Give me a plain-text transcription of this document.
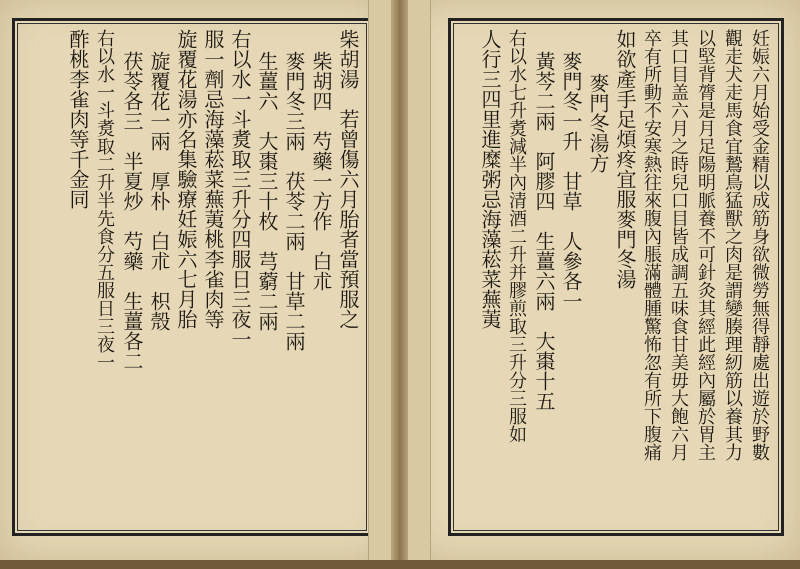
柴胡湯　若曾傷六月胎者當預服之
柴胡四　芍藥一方作　白朮
麥門冬三兩　茯苓二兩　甘草二兩
生薑六　大棗三十枚　芎藭二兩
右以水一斗煑取三升分四服日三夜一
服一劑忌海藻菘菜蕪荑桃李雀肉等
旋覆花湯亦名集驗療妊娠六七月胎
旋覆花一兩　厚朴　白朮　枳殼
茯苓各三　半夏炒　芍藥　生薑各二
右以水一斗煑取二升半先食分五服日三夜一
酢桃李雀肉等千金同	妊娠六月始受金精以成筋身欲微勞無得靜處出遊於野數
觀走犬走馬食宜鷙鳥猛獸之肉是謂變腠理紉筋以養其力
以堅背膂是月足陽明脈養不可針灸其經此經內屬於胃主
其口目盖六月之時兒口目皆成調五味食甘美毋大飽六月
卒有所動不安寒熱往來腹內脹滿體腫驚怖忽有所下腹痛
如欲產手足煩疼宜服麥門冬湯
麥門冬湯方
麥門冬一升　甘草　人參各一
黃芩二兩　阿膠四　生薑六兩　大棗十五
右以水七升煑減半內清酒二升并膠煎取三升分三服如
人行三四里進糜粥忌海藻菘菜蕪荑
